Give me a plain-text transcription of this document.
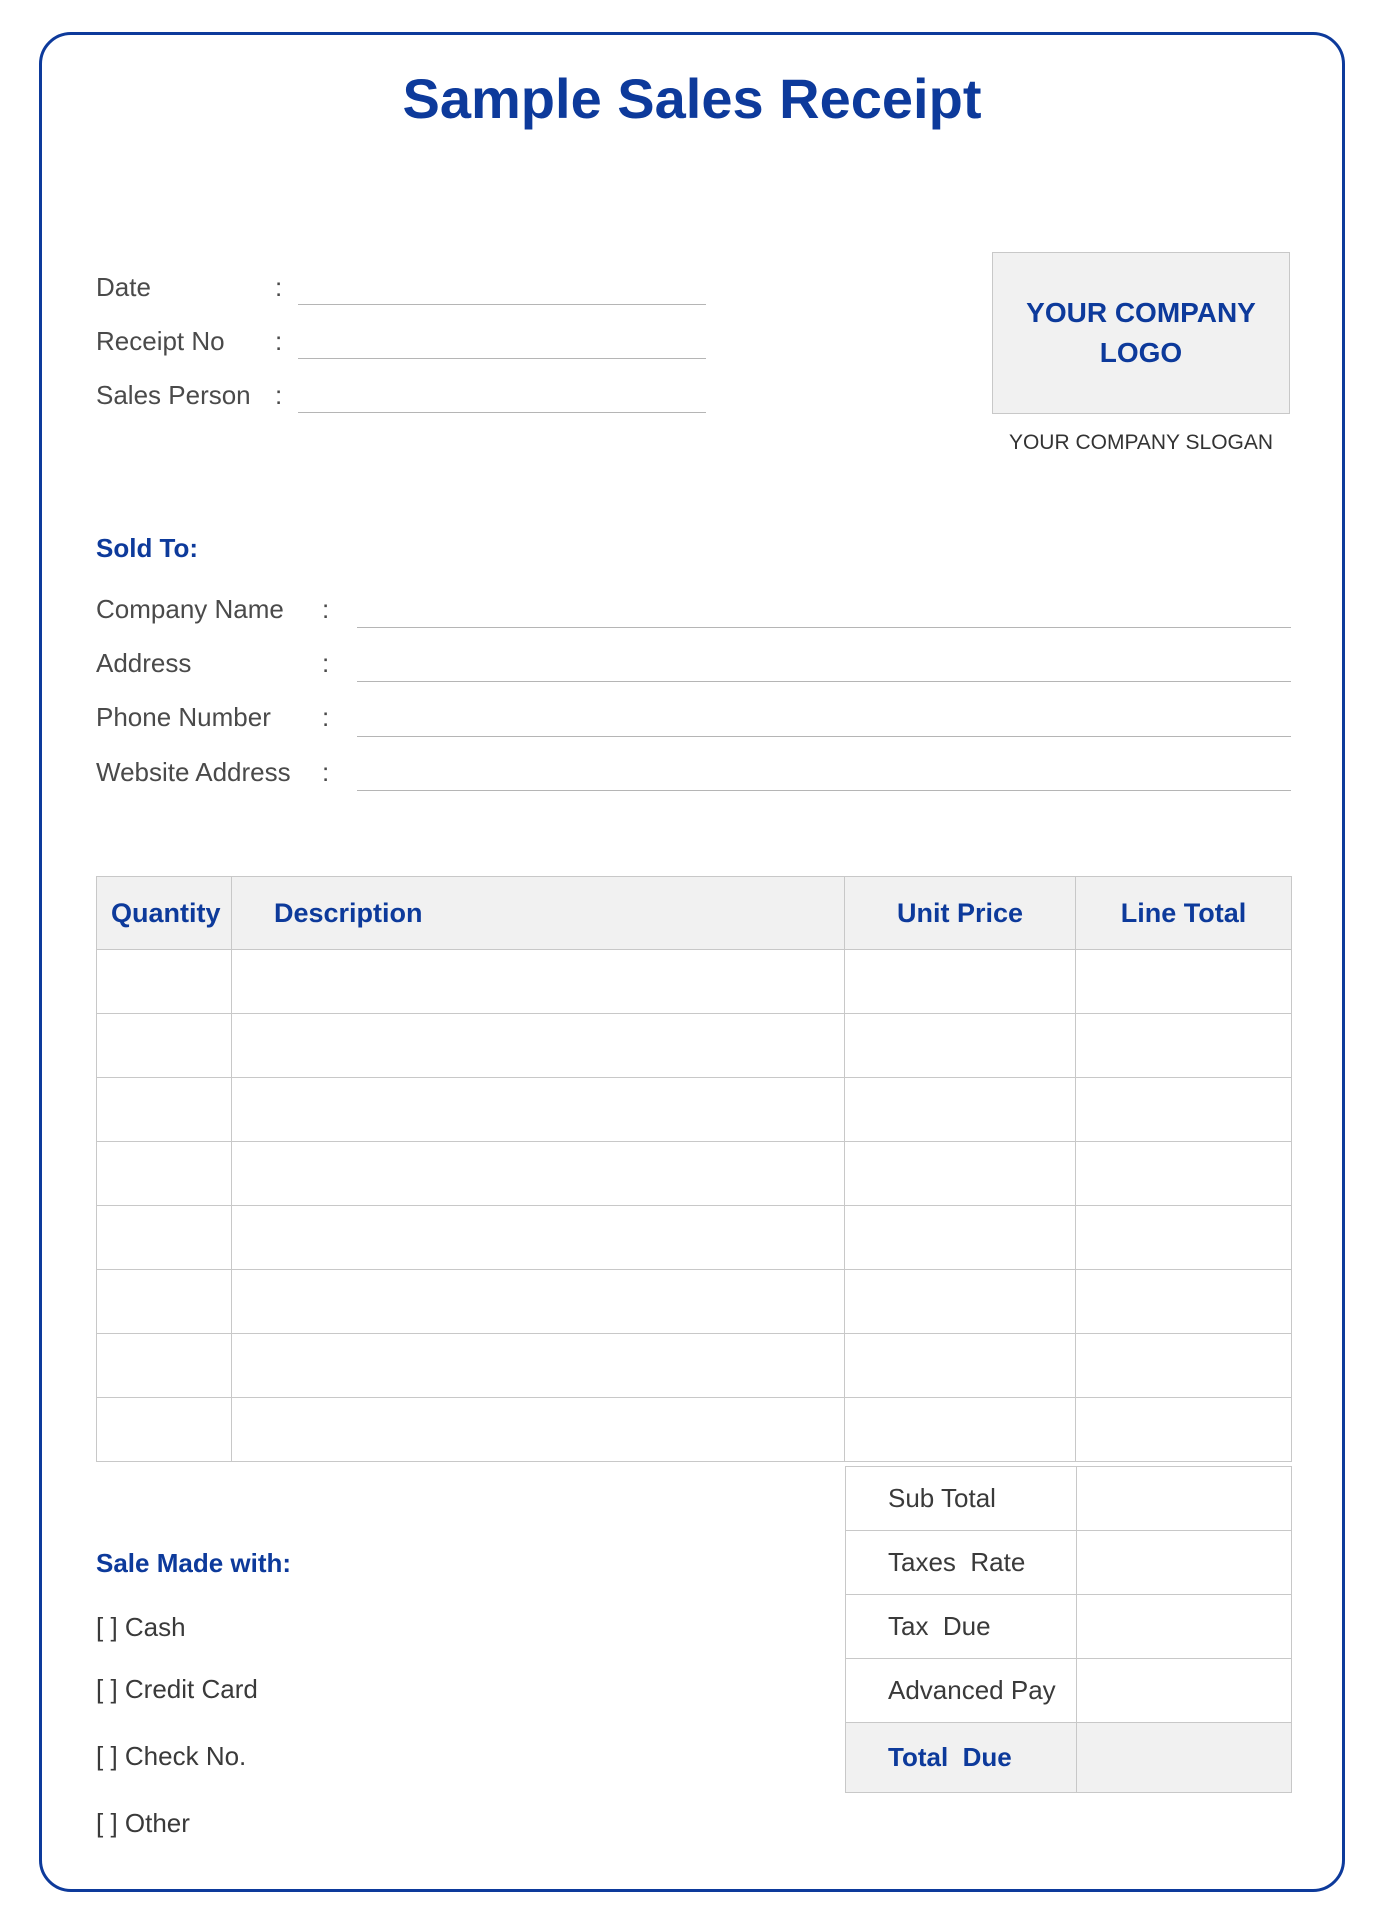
Sample Sales Receipt
Date	:
Receipt No :
Sales Person :
YOUR COMPANY LOGO
YOUR COMPANY SLOGAN
Sold To:
Company Name :
Address	:
Phone Number :
Website Address :
Quantity	Description	Unit Price	Line Total

Sub Total	
Taxes  Rate	
Tax  Due	
Advanced Pay	
Total  Due	
Sale Made with:
[ ] Cash
[ ] Credit Card
[ ] Check No.
[ ] Other
